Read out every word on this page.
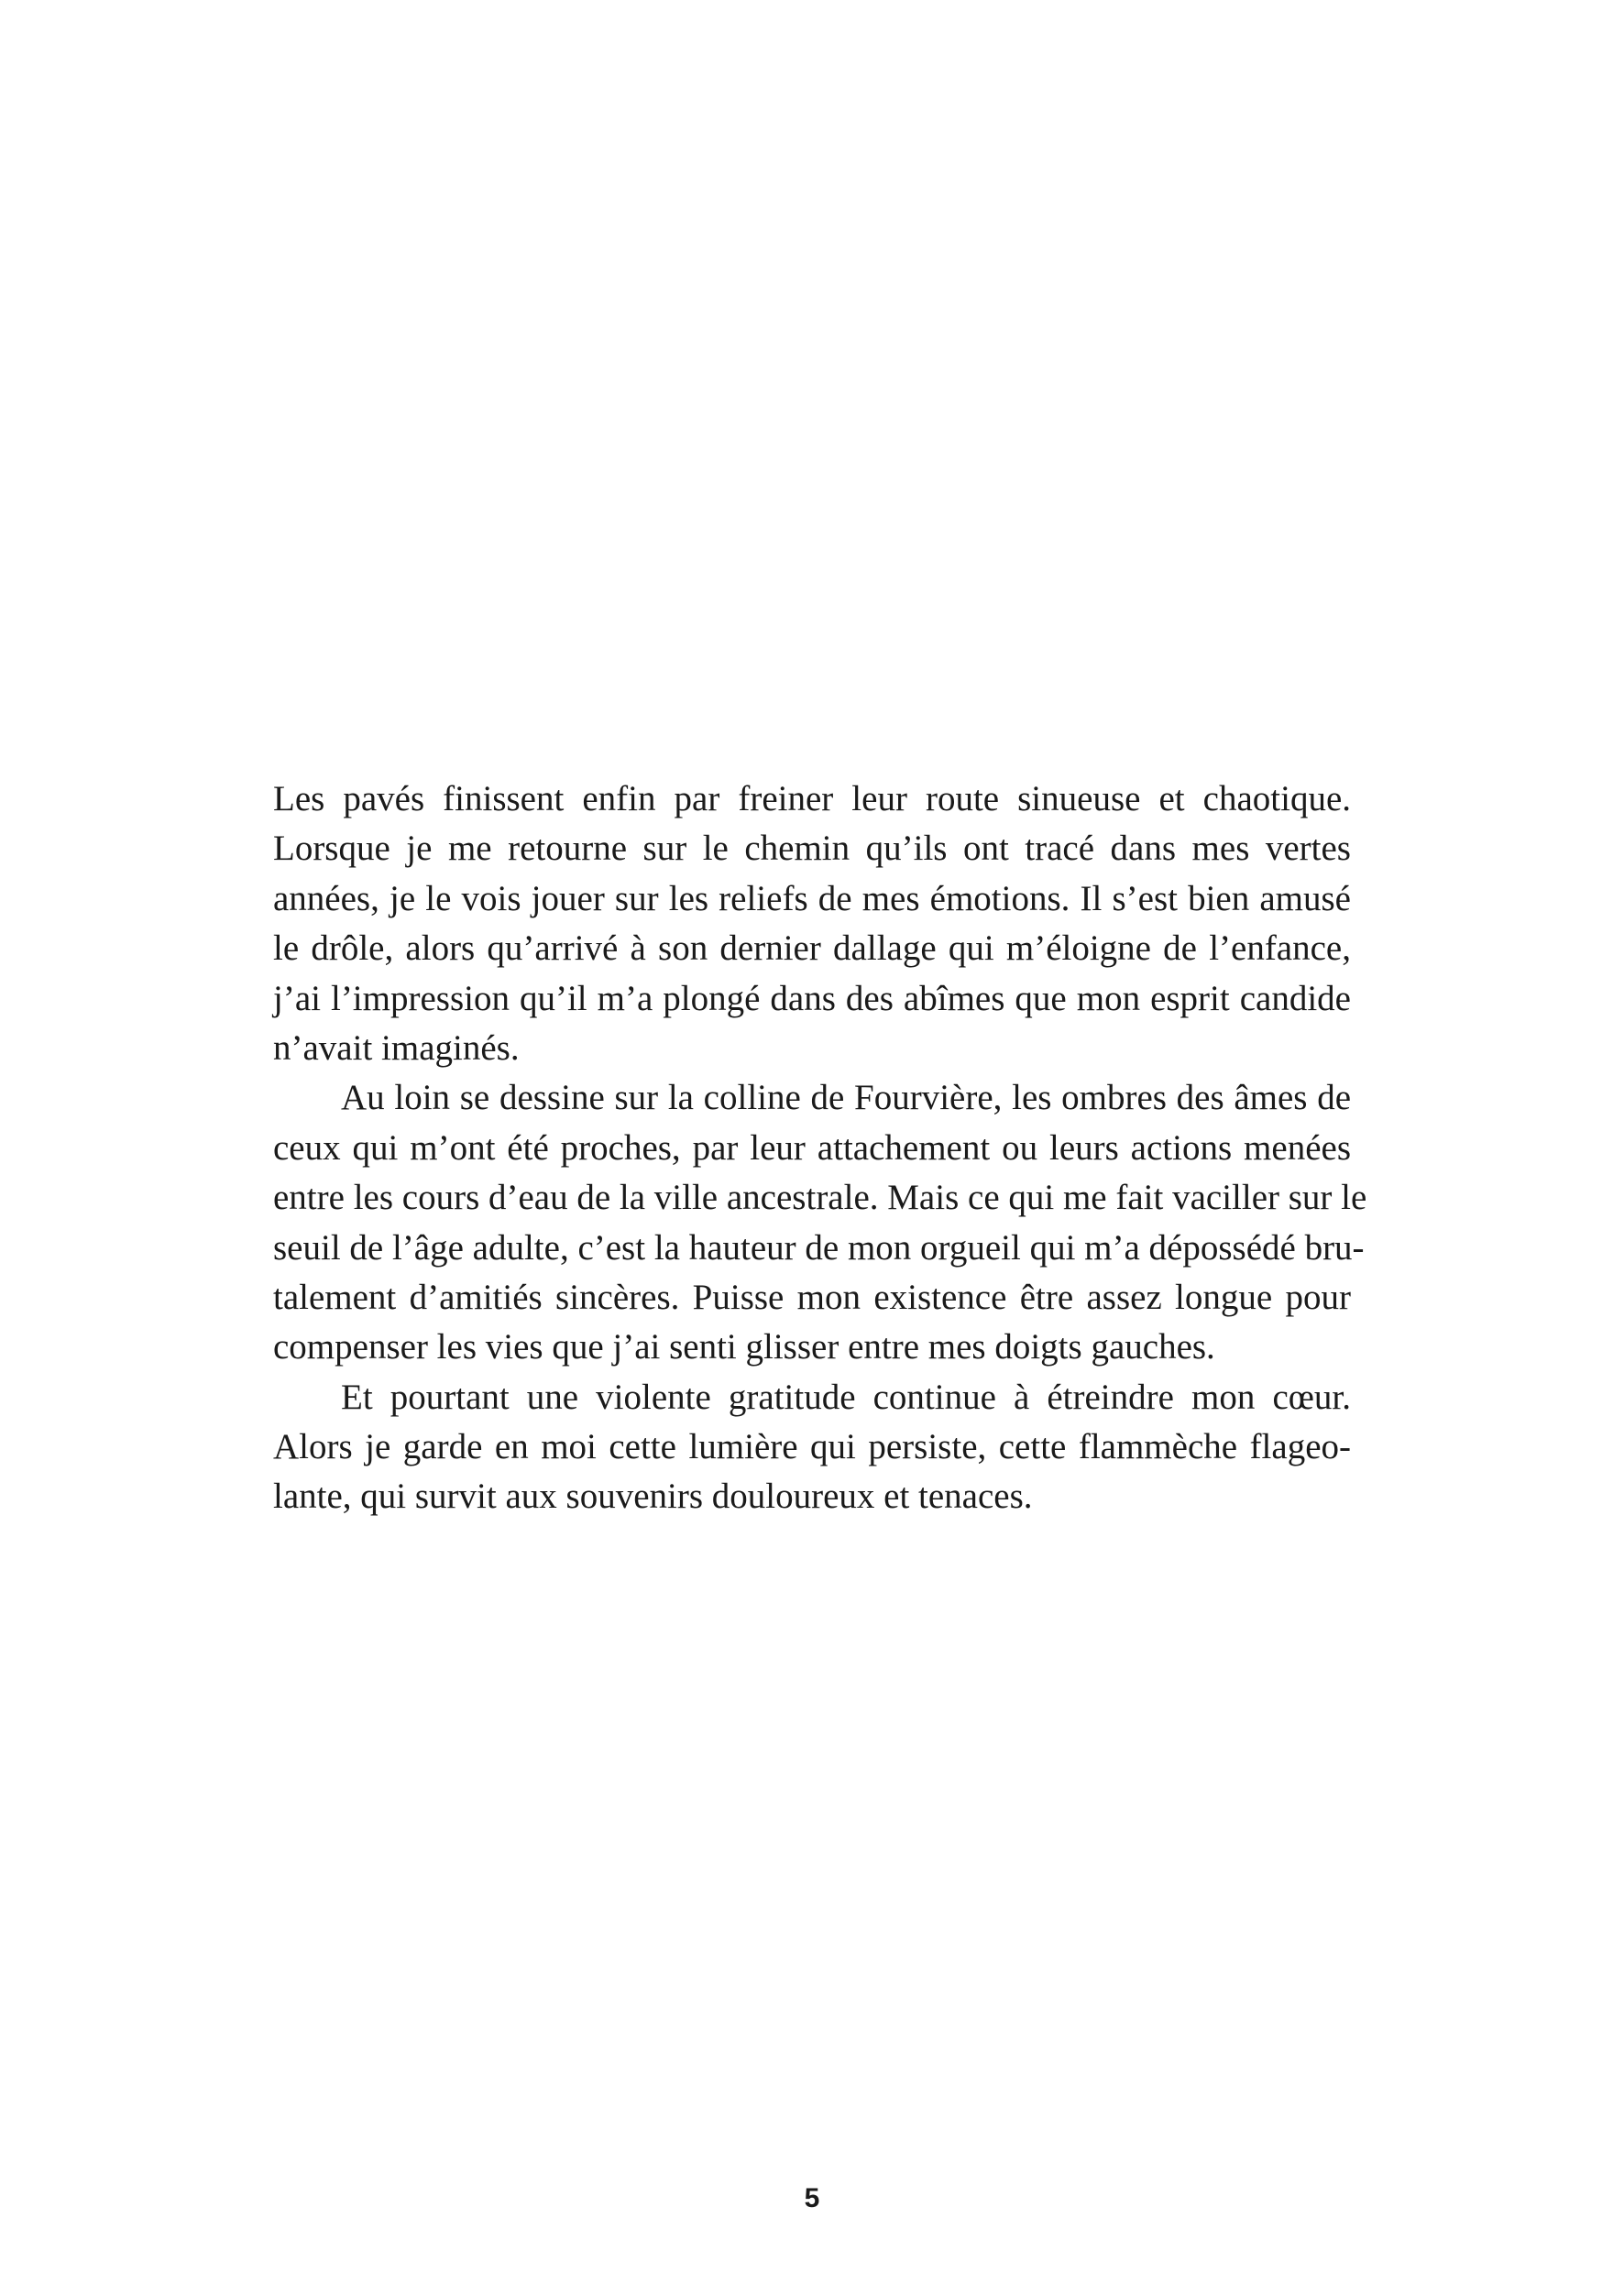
Les pavés finissent enfin par freiner leur route sinueuse et chaotique.
Lorsque je me retourne sur le chemin qu’ils ont tracé dans mes vertes
années, je le vois jouer sur les reliefs de mes émotions. Il s’est bien amusé
le drôle, alors qu’arrivé à son dernier dallage qui m’éloigne de l’enfance,
j’ai l’impression qu’il m’a plongé dans des abîmes que mon esprit candide
n’avait imaginés.
Au loin se dessine sur la colline de Fourvière, les ombres des âmes de
ceux qui m’ont été proches, par leur attachement ou leurs actions menées
entre les cours d’eau de la ville ancestrale. Mais ce qui me fait vaciller sur le
seuil de l’âge adulte, c’est la hauteur de mon orgueil qui m’a dépossédé bru-
talement d’amitiés sincères. Puisse mon existence être assez longue pour
compenser les vies que j’ai senti glisser entre mes doigts gauches.
Et pourtant une violente gratitude continue à étreindre mon cœur.
Alors je garde en moi cette lumière qui persiste, cette flammèche flageo-
lante, qui survit aux souvenirs douloureux et tenaces.
5
